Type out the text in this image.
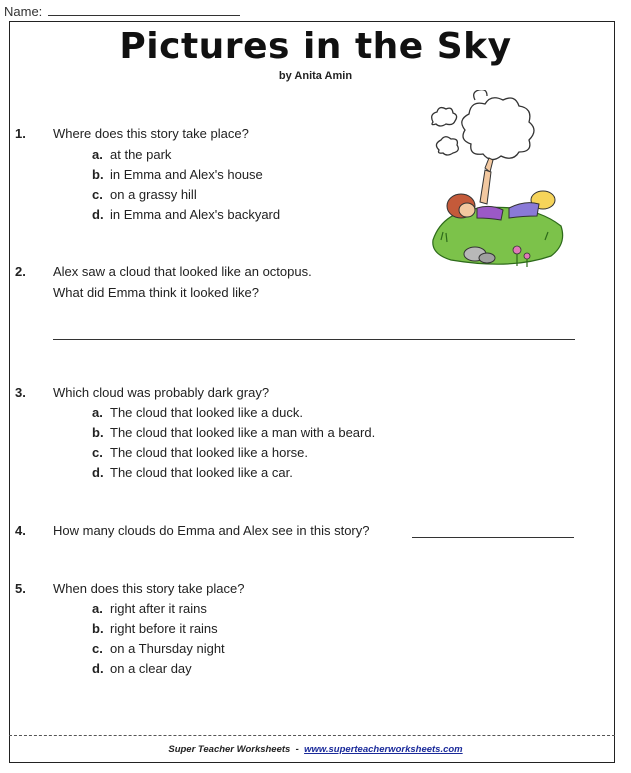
Name:
Pictures in the Sky
by Anita Amin
1. Where does this story take place?
a. at the park
b. in Emma and Alex's house
c. on a grassy hill
d. in Emma and Alex's backyard
2. Alex saw a cloud that looked like an octopus.
What did Emma think it looked like?
3. Which cloud was probably dark gray?
a. The cloud that looked like a duck.
b. The cloud that looked like a man with a beard.
c. The cloud that looked like a horse.
d. The cloud that looked like a car.
4. How many clouds do Emma and Alex see in this story?
5. When does this story take place?
a. right after it rains
b. right before it rains
c. on a Thursday night
d. on a clear day
Super Teacher Worksheets - www.superteacherworksheets.com
